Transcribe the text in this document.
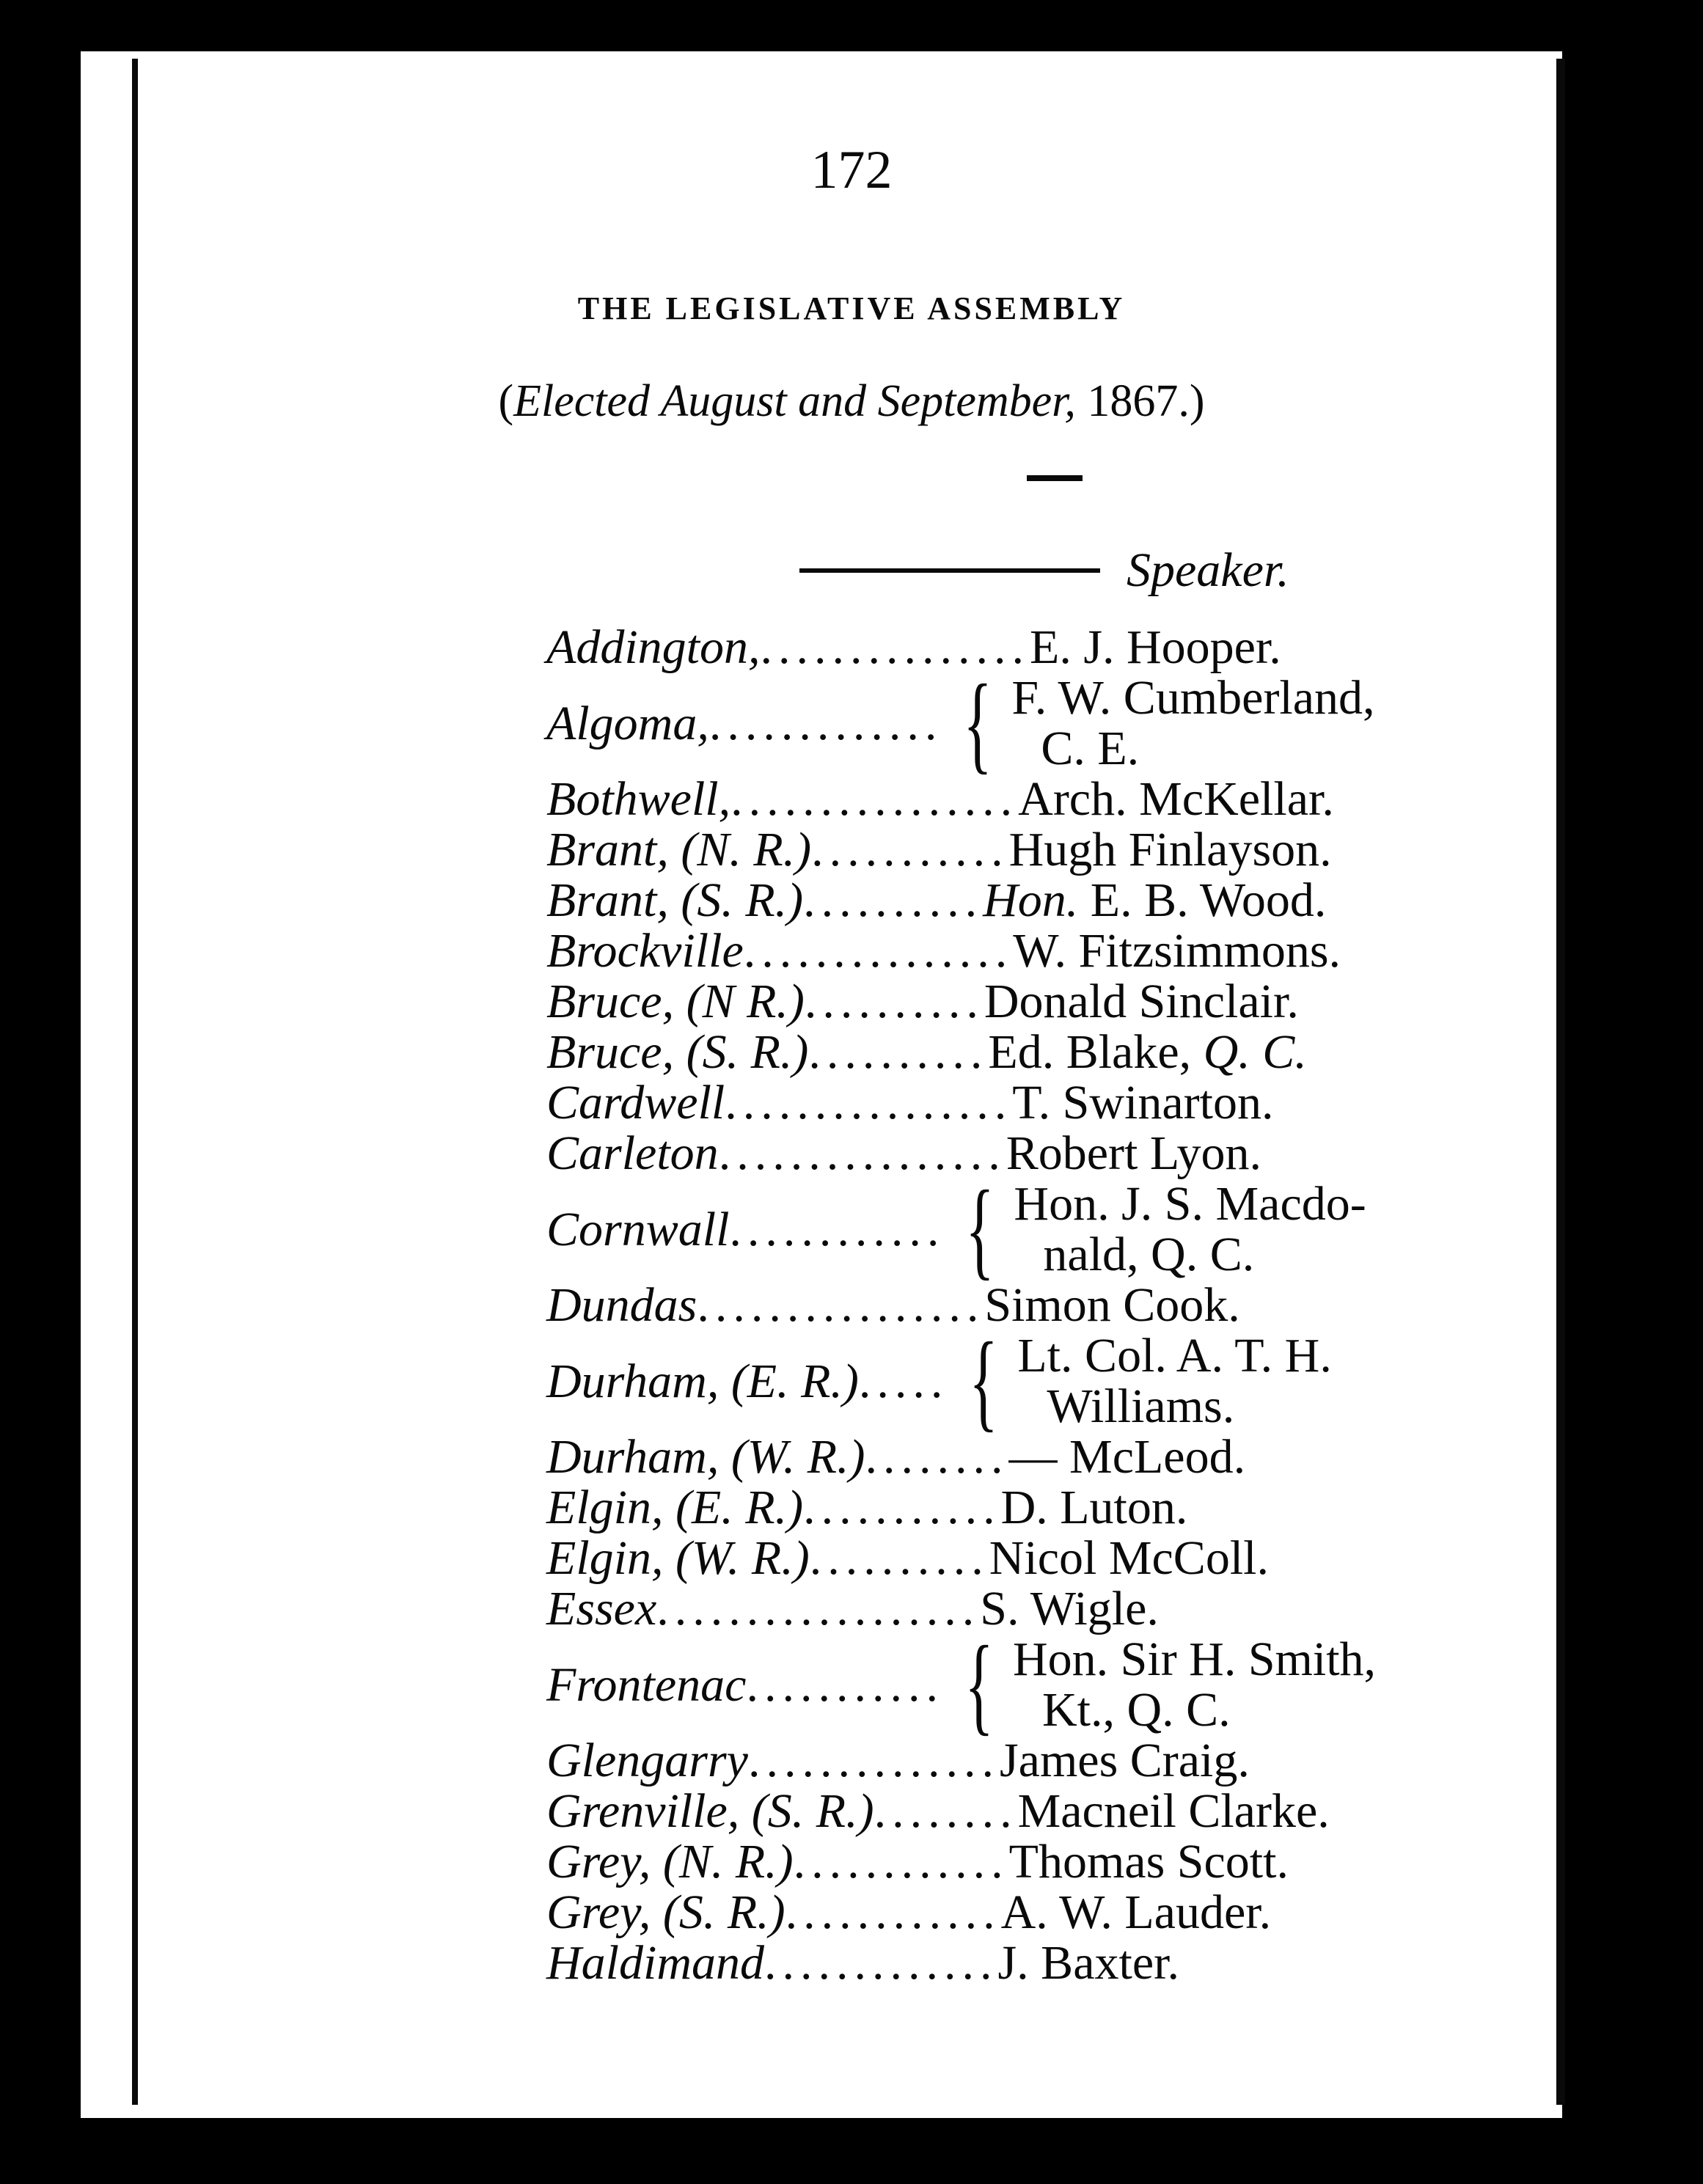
172
THE LEGISLATIVE ASSEMBLY
(Elected August and September, 1867.)
Speaker.
Addington, ............... E. J. Hooper.
Algoma, ............. { F. W. Cumberland,
C. E.
Bothwell, ................ Arch. McKellar.
Brant, (N. R.) ........... Hugh Finlayson.
Brant, (S. R.) .......... Hon. E. B. Wood.
Brockville ............... W. Fitzsimmons.
Bruce, (N R.) .......... Donald Sinclair.
Bruce, (S. R.) .......... Ed. Blake, Q. C.
Cardwell ................ T. Swinarton.
Carleton ................ Robert Lyon.
Cornwall ............ { Hon. J. S. Macdo-
nald, Q. C.
Dundas ................ Simon Cook.
Durham, (E. R.) ..... { Lt. Col. A. T. H.
Williams.
Durham, (W. R.) ........ — McLeod.
Elgin, (E. R.) ........... D. Luton.
Elgin, (W. R.) .......... Nicol McColl.
Essex .................. S. Wigle.
Frontenac ........... { Hon. Sir H. Smith,
Kt., Q. C.
Glengarry .............. James Craig.
Grenville, (S. R.) ........ Macneil Clarke.
Grey, (N. R.) ............ Thomas Scott.
Grey, (S. R.) ............ A. W. Lauder.
Haldimand ............. J. Baxter.
